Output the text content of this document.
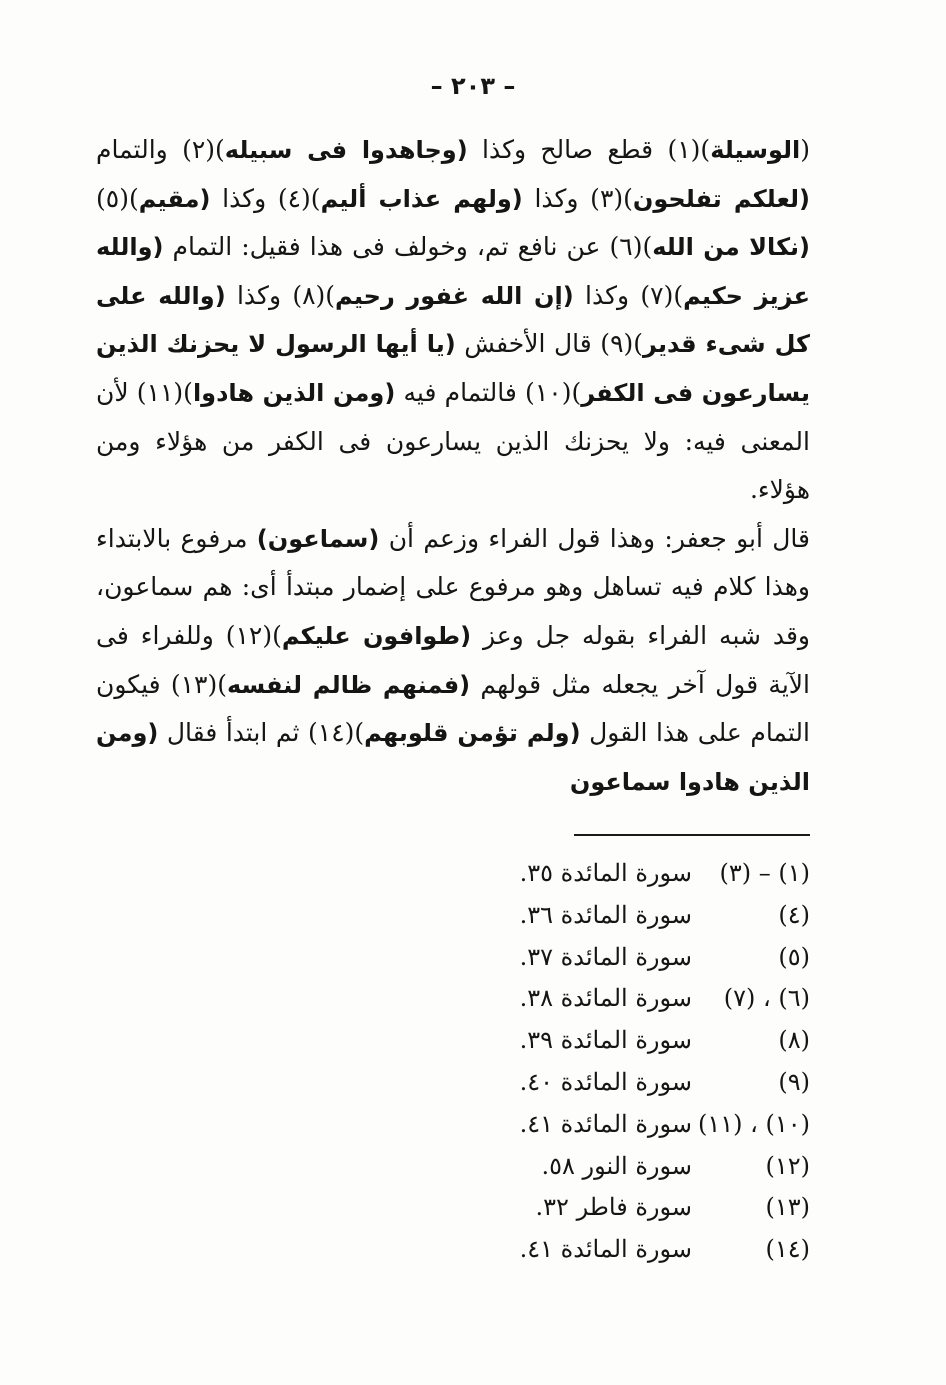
– ٢٠٣ –

(الوسيلة)(١) قطع صالح وكذا (وجاهدوا فى سبيله)(٢) والتمام (لعلكم تفلحون)(٣) وكذا (ولهم عذاب أليم)(٤) وكذا (مقيم)(٥) (نكالا من الله)(٦) عن نافع تم، وخولف فى هذا فقيل: التمام (والله عزيز حكيم)(٧) وكذا (إن الله غفور رحيم)(٨) وكذا (والله على كل شىء قدير)(٩) قال الأخفش (يا أيها الرسول لا يحزنك الذين يسارعون فى الكفر)(١٠) فالتمام فيه (ومن الذين هادوا)(١١) لأن المعنى فيه: ولا يحزنك الذين يسارعون فى الكفر من هؤلاء ومن هؤلاء.

قال أبو جعفر: وهذا قول الفراء وزعم أن (سماعون) مرفوع بالابتداء وهذا كلام فيه تساهل وهو مرفوع على إضمار مبتدأ أى: هم سماعون، وقد شبه الفراء بقوله جل وعز (طوافون عليكم)(١٢) وللفراء فى الآية قول آخر يجعله مثل قولهم (فمنهم ظالم لنفسه)(١٣) فيكون التمام على هذا القول (ولم تؤمن قلوبهم)(١٤) ثم ابتدأ فقال (ومن الذين هادوا سماعون

(١) – (٣)
سورة المائدة ٣٥.
(٤)
سورة المائدة ٣٦.
(٥)
سورة المائدة ٣٧.
(٦) ، (٧)
سورة المائدة ٣٨.
(٨)
سورة المائدة ٣٩.
(٩)
سورة المائدة ٤٠.
(١٠) ، (١١)
سورة المائدة ٤١.
(١٢)
سورة النور ٥٨.
(١٣)
سورة فاطر ٣٢.
(١٤)
سورة المائدة ٤١.
